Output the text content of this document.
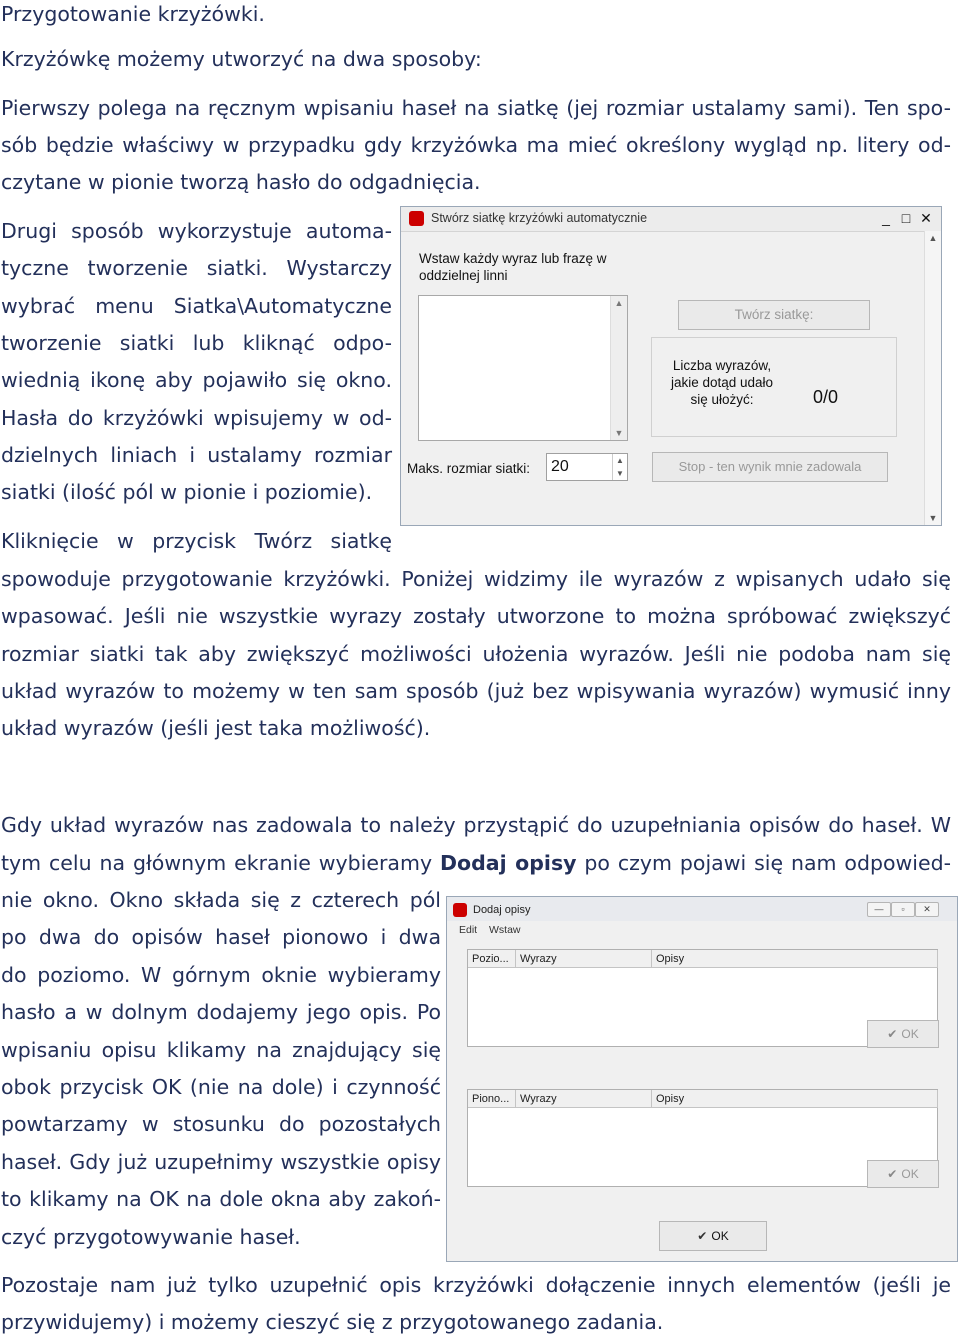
Przygotowanie krzyżówki.
Krzyżówkę możemy utworzyć na dwa sposoby:
Pierwszy polega na ręcznym wpisaniu haseł na siatkę (jej rozmiar ustalamy sami). Ten spo-
sób będzie właściwy w przypadku gdy krzyżówka ma mieć określony wygląd np. litery od-
czytane w pionie tworzą hasło do odgadnięcia.
Drugi sposób wykorzystuje automa-
tyczne tworzenie siatki. Wystarczy
wybrać menu Siatka\Automatyczne
tworzenie siatki lub kliknąć odpo-
wiednią ikonę aby pojawiło się okno.
Hasła do krzyżówki wpisujemy w od-
dzielnych liniach i ustalamy rozmiar
siatki (ilość pól w pionie i poziomie).
Kliknięcie w przycisk Twórz siatkę
spowoduje przygotowanie krzyżówki. Poniżej widzimy ile wyrazów z wpisanych udało się
wpasować. Jeśli nie wszystkie wyrazy zostały utworzone to można spróbować zwiększyć
rozmiar siatki tak aby zwiększyć możliwości ułożenia wyrazów. Jeśli nie podoba nam się
układ wyrazów to możemy w ten sam sposób (już bez wpisywania wyrazów) wymusić inny
układ wyrazów (jeśli jest taka możliwość).
Gdy układ wyrazów nas zadowala to należy przystąpić do uzupełniania opisów do haseł. W
tym celu na głównym ekranie wybieramy Dodaj opisy po czym pojawi się nam odpowied-
nie okno. Okno składa się z czterech pól
po dwa do opisów haseł pionowo i dwa
do poziomo. W górnym oknie wybieramy
hasło a w dolnym dodajemy jego opis. Po
wpisaniu opisu klikamy na znajdujący się
obok przycisk OK (nie na dole) i czynność
powtarzamy w stosunku do pozostałych
haseł. Gdy już uzupełnimy wszystkie opisy
to klikamy na OK na dole okna aby zakoń-
czyć przygotowywanie haseł.
Pozostaje nam już tylko uzupełnić opis krzyżówki dołączenie innych elementów (jeśli je
przywidujemy) i możemy cieszyć się z przygotowanego zadania.
Stwórz siatkę krzyżówki automatycznie	_ □ ✕
Wstaw każdy wyraz lub frazę w oddzielnej linni
▲
▼
Twórz siatkę:
Liczba wyrazów, jakie dotąd udało się ułożyć:	0/0
Maks. rozmiar siatki:	20	▲
▼	Stop - ten wynik mnie zadowala
▲
▼
Dodaj opisy	—	▫	✕
Edit Wstaw
Pozio...	Wyrazy	Opisy
✔ OK
Piono... Wyrazy	Opisy
✔ OK
✔ OK
